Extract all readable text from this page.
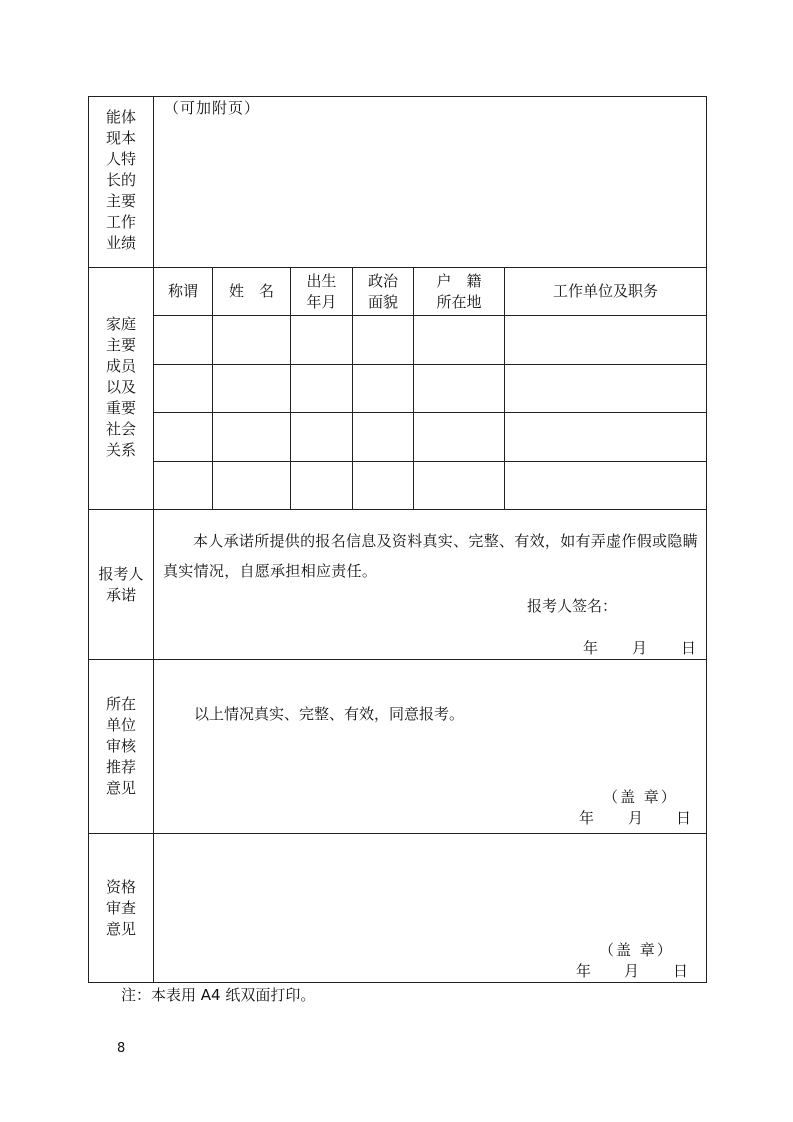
能体
现本
人特
长的
主要
工作
业绩
（可加附页）
家庭
主要
成员
以及
重要
社会
关系
称谓	姓　名
出生
年月
政治
面貌
户　籍
所在地
工作单位及职务
报考人
承诺
本人承诺所提供的报名信息及资料真实、完整、有效，如有弄虚作假或隐瞒真实情况，自愿承担相应责任。
报考人签名：
年 月 日
所在
单位
审核
推荐
意见
以上情况真实、完整、有效，同意报考。
（盖 章）
年 月 日
资格
审查
意见
（盖 章）
年 月 日
注：本表用 A4 纸双面打印。
8
